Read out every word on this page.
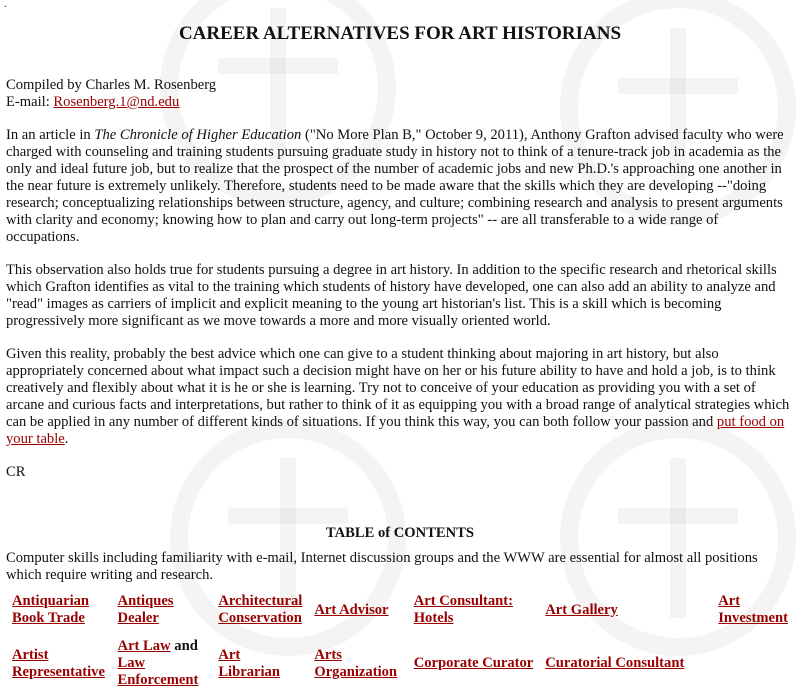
.
CAREER ALTERNATIVES FOR ART HISTORIANS

Compiled by Charles M. Rosenberg
E-mail: Rosenberg.1@nd.edu

In an article in The Chronicle of Higher Education ("No More Plan B," October 9, 2011), Anthony Grafton advised faculty who were charged with counseling and training students pursuing graduate study in history not to think of a tenure-track job in academia as the only and ideal future job, but to realize that the prospect of the number of academic jobs and new Ph.D.'s approaching one another in the near future is extremely unlikely. Therefore, students need to be made aware that the skills which they are developing --"doing research; conceptualizing relationships between structure, agency, and culture; combining research and analysis to present arguments with clarity and economy; knowing how to plan and carry out long-term projects" -- are all transferable to a wide range of occupations.

This observation also holds true for students pursuing a degree in art history. In addition to the specific research and rhetorical skills which Grafton identifies as vital to the training which students of history have developed, one can also add an ability to analyze and "read" images as carriers of implicit and explicit meaning to the young art historian's list. This is a skill which is becoming progressively more significant as we move towards a more and more visually oriented world.

Given this reality, probably the best advice which one can give to a student thinking about majoring in art history, but also appropriately concerned about what impact such a decision might have on her or his future ability to have and hold a job, is to think creatively and flexibly about what it is he or she is learning. Try not to conceive of your education as providing you with a set of arcane and curious facts and interpretations, but rather to think of it as equipping you with a broad range of analytical strategies which can be applied in any number of different kinds of situations. If you think this way, you can both follow your passion and put food on your table.

CR

TABLE of CONTENTS

Computer skills including familiarity with e-mail, Internet discussion groups and the WWW are essential for almost all positions which require writing and research.

Antiquarian Book Trade	Antiques Dealer	Architectural Conservation	Art Advisor	Art Consultant: Hotels	Art Gallery	Art Investment
Artist Representative	Art Law and Law Enforcement	Art Librarian	Arts Organization	Corporate Curator	Curatorial Consultant	
